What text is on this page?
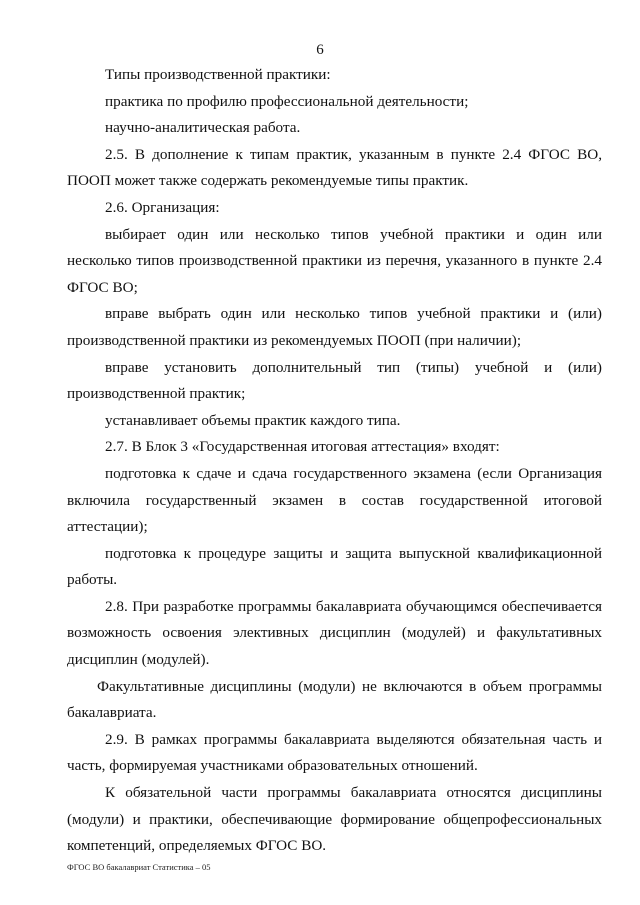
6

Типы производственной практики:

практика по профилю профессиональной деятельности;

научно-аналитическая работа.

2.5. В дополнение к типам практик, указанным в пункте 2.4 ФГОС ВО, ПООП может также содержать рекомендуемые типы практик.

2.6. Организация:

выбирает один или несколько типов учебной практики и один или несколько типов производственной практики из перечня, указанного в пункте 2.4 ФГОС ВО;

вправе выбрать один или несколько типов учебной практики и (или) производственной практики из рекомендуемых ПООП (при наличии);

вправе установить дополнительный тип (типы) учебной и (или) производственной практик;

устанавливает объемы практик каждого типа.

2.7. В Блок 3 «Государственная итоговая аттестация» входят:

подготовка к сдаче и сдача государственного экзамена (если Организация включила государственный экзамен в состав государственной итоговой аттестации);

подготовка к процедуре защиты и защита выпускной квалификационной работы.

2.8. При разработке программы бакалавриата обучающимся обеспечивается возможность освоения элективных дисциплин (модулей) и факультативных дисциплин (модулей).

Факультативные дисциплины (модули) не включаются в объем программы бакалавриата.

2.9. В рамках программы бакалавриата выделяются обязательная часть и часть, формируемая участниками образовательных отношений.

К обязательной части программы бакалавриата относятся дисциплины (модули) и практики, обеспечивающие формирование общепрофессиональных компетенций, определяемых ФГОС ВО.

ФГОС ВО бакалавриат Статистика – 05
